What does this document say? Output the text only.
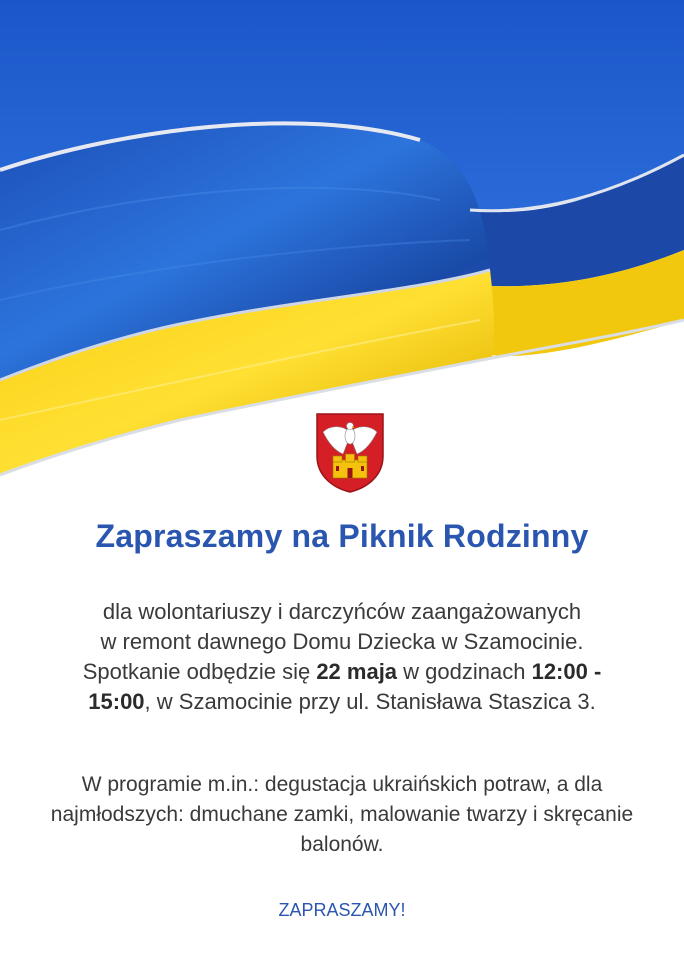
Zapraszamy na Piknik Rodzinny

dla wolontariuszy i darczyńców zaangażowanych
w remont dawnego Domu Dziecka w Szamocinie.
Spotkanie odbędzie się 22 maja w godzinach 12:00 -
15:00, w Szamocinie przy ul. Stanisława Staszica 3.

W programie m.in.: degustacja ukraińskich potraw, a dla
najmłodszych: dmuchane zamki, malowanie twarzy i skręcanie
balonów.

ZAPRASZAMY!
